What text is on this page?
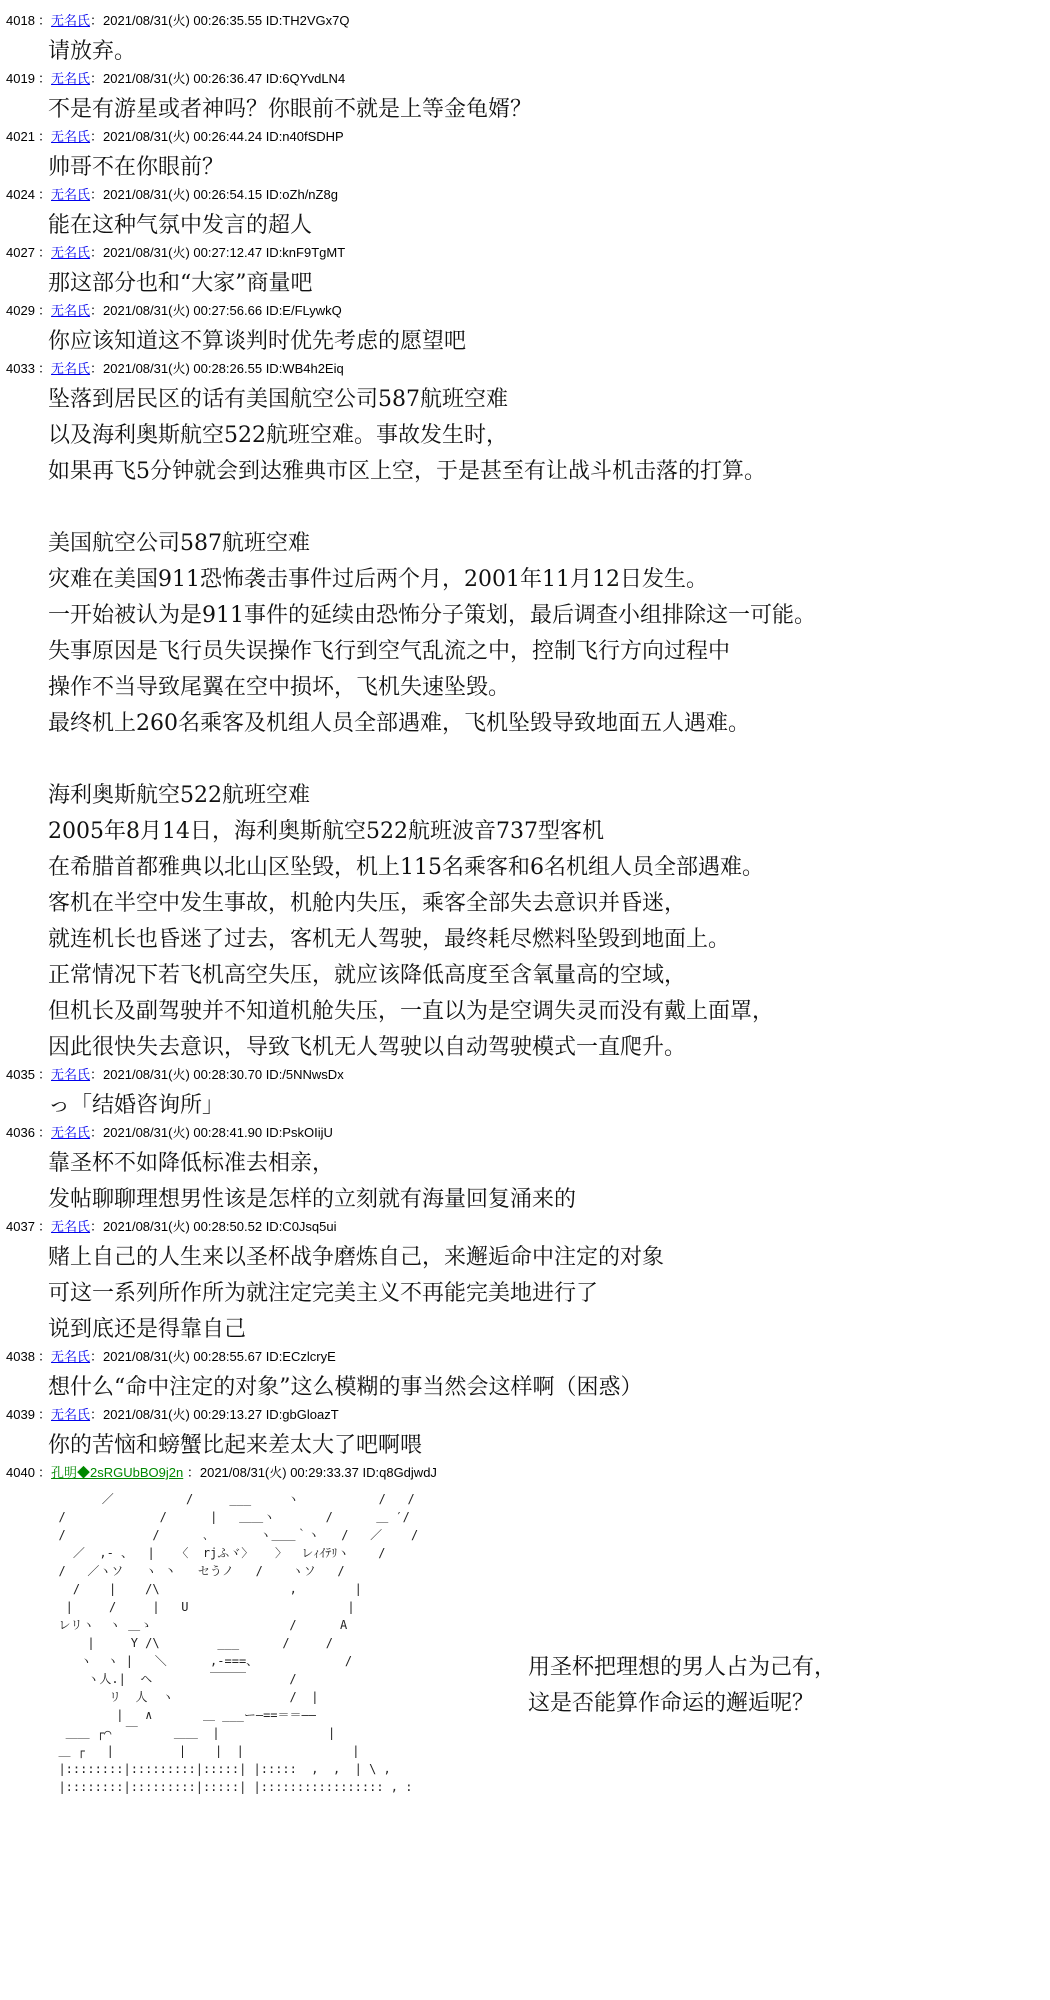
4018 ：无名氏：2021/08/31(火) 00:26:35.55 ID:TH2VGx7Q
请放弃。
4019 ：无名氏：2021/08/31(火) 00:26:36.47 ID:6QYvdLN4
不是有游星或者神吗？你眼前不就是上等金龟婿？
4021 ：无名氏：2021/08/31(火) 00:26:44.24 ID:n40fSDHP
帅哥不在你眼前？
4024 ：无名氏：2021/08/31(火) 00:26:54.15 ID:oZh/nZ8g
能在这种气氛中发言的超人
4027 ：无名氏：2021/08/31(火) 00:27:12.47 ID:knF9TgMT
那这部分也和“大家”商量吧
4029 ：无名氏：2021/08/31(火) 00:27:56.66 ID:E/FLywkQ
你应该知道这不算谈判时优先考虑的愿望吧
4033 ：无名氏：2021/08/31(火) 00:28:26.55 ID:WB4h2Eiq
坠落到居民区的话有美国航空公司587航班空难
以及海利奥斯航空522航班空难。事故发生时，
如果再飞5分钟就会到达雅典市区上空，于是甚至有让战斗机击落的打算。
美国航空公司587航班空难
灾难在美国911恐怖袭击事件过后两个月，2001年11月12日发生。
一开始被认为是911事件的延续由恐怖分子策划，最后调查小组排除这一可能。
失事原因是飞行员失误操作飞行到空气乱流之中，控制飞行方向过程中
操作不当导致尾翼在空中损坏，飞机失速坠毁。
最终机上260名乘客及机组人员全部遇难，飞机坠毁导致地面五人遇难。
海利奥斯航空522航班空难
2005年8月14日，海利奥斯航空522航班波音737型客机
在希腊首都雅典以北山区坠毁，机上115名乘客和6名机组人员全部遇难。
客机在半空中发生事故，机舱内失压，乘客全部失去意识并昏迷，
就连机长也昏迷了过去，客机无人驾驶，最终耗尽燃料坠毁到地面上。
正常情况下若飞机高空失压，就应该降低高度至含氧量高的空域，
但机长及副驾驶并不知道机舱失压，一直以为是空调失灵而没有戴上面罩，
因此很快失去意识，导致飞机无人驾驶以自动驾驶模式一直爬升。
4035 ：无名氏：2021/08/31(火) 00:28:30.70 ID:/5NNwsDx
っ「结婚咨询所」
4036 ：无名氏：2021/08/31(火) 00:28:41.90 ID:PskOIijU
靠圣杯不如降低标准去相亲，
发帖聊聊理想男性该是怎样的立刻就有海量回复涌来的
4037 ：无名氏：2021/08/31(火) 00:28:50.52 ID:C0Jsq5ui
赌上自己的人生来以圣杯战争磨炼自己，来邂逅命中注定的对象
可这一系列所作所为就注定完美主义不再能完美地进行了
说到底还是得靠自己
4038 ：无名氏：2021/08/31(火) 00:28:55.67 ID:ECzlcryE
想什么“命中注定的对象”这么模糊的事当然会这样啊（困惑）
4039 ：无名氏：2021/08/31(火) 00:29:13.27 ID:gbGloazT
你的苦恼和螃蟹比起来差太大了吧啊喂
4040 ：孔明◆2sRGUbBO9j2n ：2021/08/31(火) 00:29:33.37 ID:q8GdjwdJ
／          /     ___     ヽ           /   /
/             /      |   ＿＿ヽ       /      ＿ ′/
/            /      ､       ヽ＿＿｀ヽ   /   ／    /
／  ,- 、  |   〈  rjふヾ〉   〉  レｨｲﾃﾘヽ    /
/   ／ヽソ   ヽ 丶   セうノ   /    ヽソ   /
/    |    /\                  ,        |
|     /     |   U                      |
レリヽ  ヽ ＿ゝ                   /      A
|     Y /\        ___      /     /
ヽ  ヽ |   ＼      ,-===、            /
ヽ人.|  ヘ        ￣￣￣      /
リ  人  ヽ                /  |
|   ∧       ＿ ___ー―==＝＝――
＿＿ ┌⌒  ￣     ＿＿  |               |
＿ ┌   |         |    |  |               |
|::::::::|:::::::::|:::::| |:::::  ,  ,  | \ ,
|::::::::|:::::::::|:::::| |::::::::::::::::: , :
用圣杯把理想的男人占为己有，
这是否能算作命运的邂逅呢？
